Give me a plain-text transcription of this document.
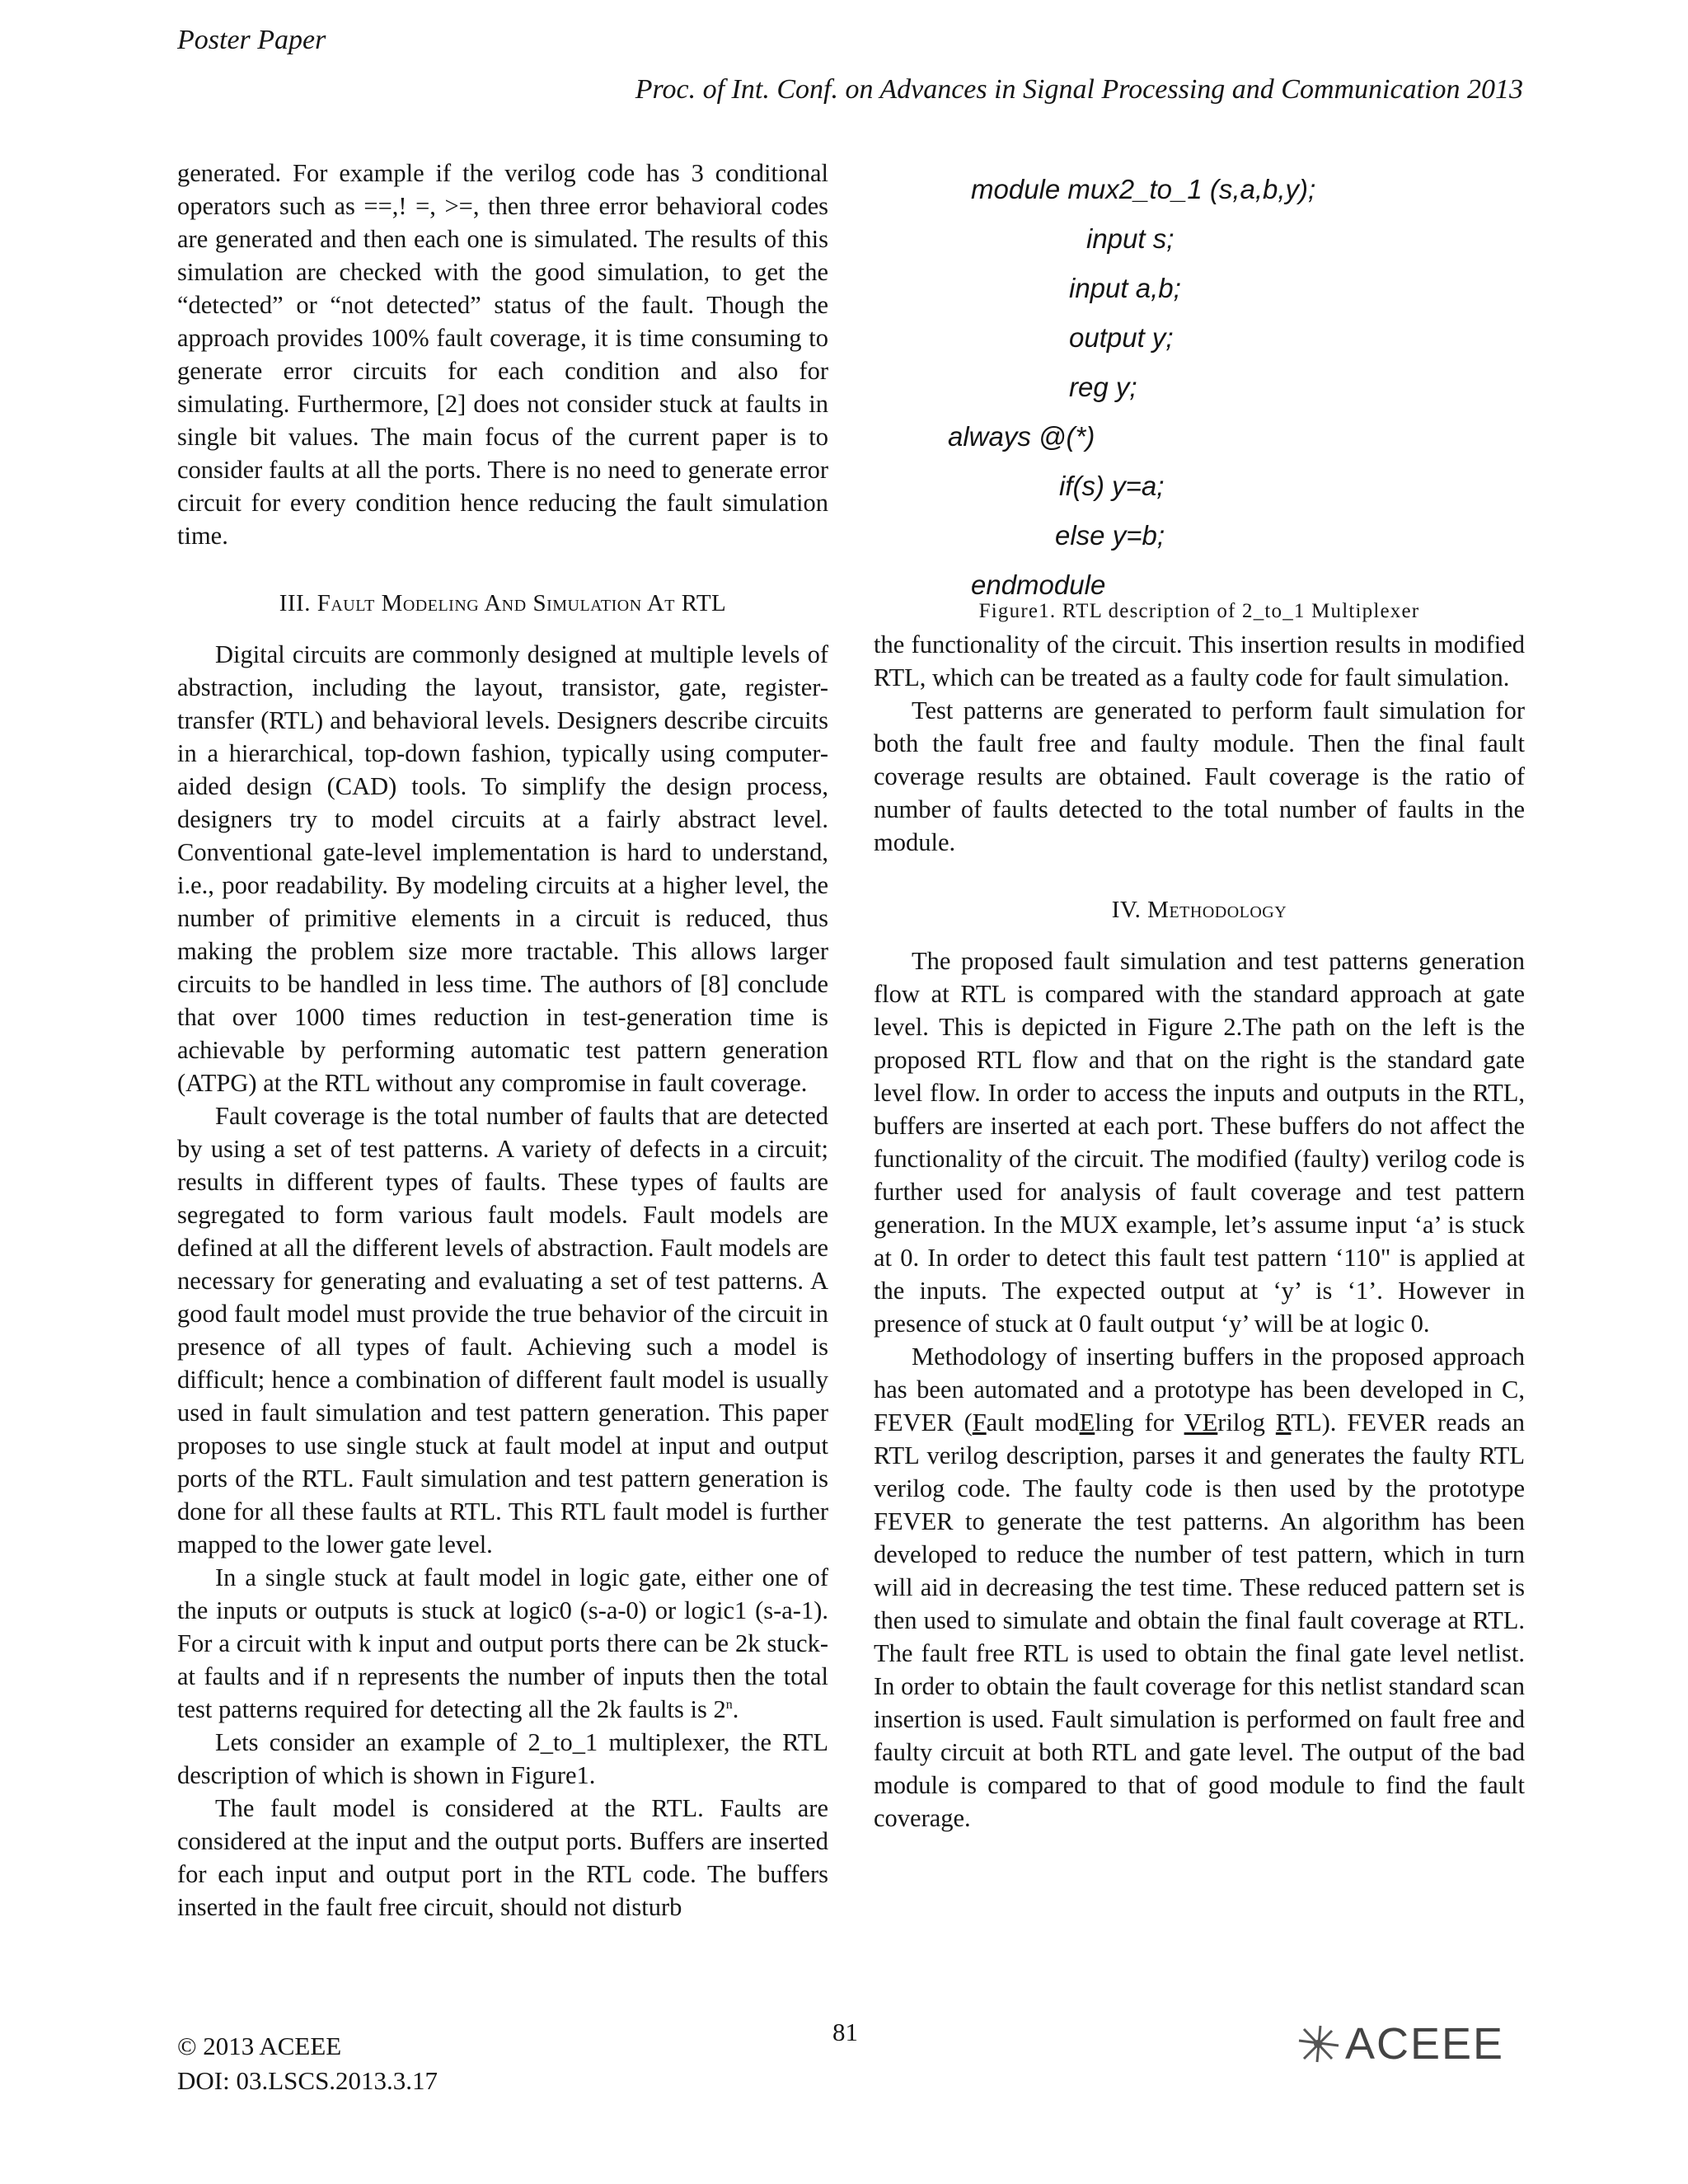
Poster Paper
Proc. of Int. Conf. on Advances in Signal Processing and Communication 2013

generated. For example if the verilog code has 3 conditional operators such as ==,! =, >=, then three error behavioral codes are generated and then each one is simulated. The results of this simulation are checked with the good simulation, to get the “detected” or “not detected” status of the fault. Though the approach provides 100% fault coverage, it is time consuming to generate error circuits for each condition and also for simulating. Furthermore, [2] does not consider stuck at faults in single bit values. The main focus of the current paper is to consider faults at all the ports. There is no need to generate error circuit for every condition hence reducing the fault simulation time.

III. Fault Modeling And Simulation At RTL

Digital circuits are commonly designed at multiple levels of abstraction, including the layout, transistor, gate, register-transfer (RTL) and behavioral levels. Designers describe circuits in a hierarchical, top-down fashion, typically using computer-aided design (CAD) tools. To simplify the design process, designers try to model circuits at a fairly abstract level. Conventional gate-level implementation is hard to understand, i.e., poor readability. By modeling circuits at a higher level, the number of primitive elements in a circuit is reduced, thus making the problem size more tractable. This allows larger circuits to be handled in less time. The authors of [8] conclude that over 1000 times reduction in test-generation time is achievable by performing automatic test pattern generation (ATPG) at the RTL without any compromise in fault coverage.

Fault coverage is the total number of faults that are detected by using a set of test patterns. A variety of defects in a circuit; results in different types of faults. These types of faults are segregated to form various fault models. Fault models are defined at all the different levels of abstraction. Fault models are necessary for generating and evaluating a set of test patterns. A good fault model must provide the true behavior of the circuit in presence of all types of fault. Achieving such a model is difficult; hence a combination of different fault model is usually used in fault simulation and test pattern generation. This paper proposes to use single stuck at fault model at input and output ports of the RTL. Fault simulation and test pattern generation is done for all these faults at RTL. This RTL fault model is further mapped to the lower gate level.

In a single stuck at fault model in logic gate, either one of the inputs or outputs is stuck at logic0 (s-a-0) or logic1 (s-a-1). For a circuit with k input and output ports there can be 2k stuck-at faults and if n represents the number of inputs then the total test patterns required for detecting all the 2k faults is 2$^n$.

Lets consider an example of 2_to_1 multiplexer, the RTL description of which is shown in Figure1.

The fault model is considered at the RTL. Faults are considered at the input and the output ports. Buffers are inserted for each input and output port in the RTL code. The buffers inserted in the fault free circuit, should not disturb

module mux2_to_1 (s,a,b,y);
input s;
input a,b;
output y;
reg y;
always @(*)
if(s) y=a;
else y=b;
endmodule
Figure1. RTL description of 2_to_1 Multiplexer

the functionality of the circuit. This insertion results in modified RTL, which can be treated as a faulty code for fault simulation.

Test patterns are generated to perform fault simulation for both the fault free and faulty module. Then the final fault coverage results are obtained. Fault coverage is the ratio of number of faults detected to the total number of faults in the module.

IV. Methodology

The proposed fault simulation and test patterns generation flow at RTL is compared with the standard approach at gate level. This is depicted in Figure 2.The path on the left is the proposed RTL flow and that on the right is the standard gate level flow. In order to access the inputs and outputs in the RTL, buffers are inserted at each port. These buffers do not affect the functionality of the circuit. The modified (faulty) verilog code is further used for analysis of fault coverage and test pattern generation. In the MUX example, let’s assume input ‘a’ is stuck at 0. In order to detect this fault test pattern ‘110" is applied at the inputs. The expected output at ‘y’ is ‘1’. However in presence of stuck at 0 fault output ‘y’ will be at logic 0.

Methodology of inserting buffers in the proposed approach has been automated and a prototype has been developed in C, FEVER (Fault modEling for VErilog RTL). FEVER reads an RTL verilog description, parses it and generates the faulty RTL verilog code. The faulty code is then used by the prototype FEVER to generate the test patterns. An algorithm has been developed to reduce the number of test pattern, which in turn will aid in decreasing the test time. These reduced pattern set is then used to simulate and obtain the final fault coverage at RTL. The fault free RTL is used to obtain the final gate level netlist. In order to obtain the fault coverage for this netlist standard scan insertion is used. Fault simulation is performed on fault free and faulty circuit at both RTL and gate level. The output of the bad module is compared to that of good module to find the fault coverage.

© 2013 ACEEE
DOI: 03.LSCS.2013.3.17
81	ACEEE
